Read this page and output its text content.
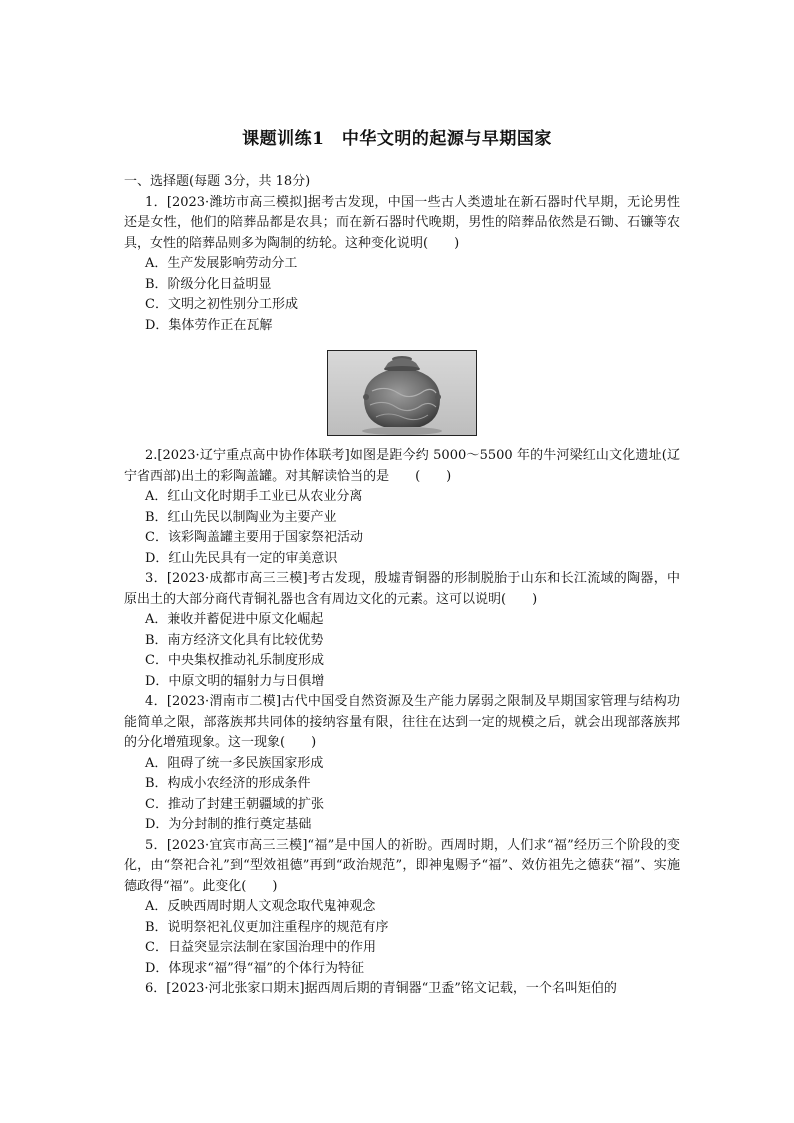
课题训练1　中华文明的起源与早期国家

一、选择题(每题 3分，共 18分)

1．[2023·潍坊市高三模拟]据考古发现，中国一些古人类遗址在新石器时代早期，无论男性还是女性，他们的陪葬品都是农具；而在新石器时代晚期，男性的陪葬品依然是石锄、石镰等农具，女性的陪葬品则多为陶制的纺轮。这种变化说明(　　)

A．生产发展影响劳动分工

B．阶级分化日益明显

C．文明之初性别分工形成

D．集体劳作正在瓦解

2.[2023·辽宁重点高中协作体联考]如图是距今约 5000～5500 年的牛河梁红山文化遗址(辽宁省西部)出土的彩陶盖罐。对其解读恰当的是　　(　　)

A．红山文化时期手工业已从农业分离

B．红山先民以制陶业为主要产业

C．该彩陶盖罐主要用于国家祭祀活动

D．红山先民具有一定的审美意识

3．[2023·成都市高三三模]考古发现，殷墟青铜器的形制脱胎于山东和长江流域的陶器，中原出土的大部分商代青铜礼器也含有周边文化的元素。这可以说明(　　)

A．兼收并蓄促进中原文化崛起

B．南方经济文化具有比较优势

C．中央集权推动礼乐制度形成

D．中原文明的辐射力与日俱增

4．[2023·渭南市二模]古代中国受自然资源及生产能力孱弱之限制及早期国家管理与结构功能简单之限，部落族邦共同体的接纳容量有限，往往在达到一定的规模之后，就会出现部落族邦的分化增殖现象。这一现象(　　)

A．阻碍了统一多民族国家形成

B．构成小农经济的形成条件

C．推动了封建王朝疆域的扩张

D．为分封制的推行奠定基础

5．[2023·宜宾市高三三模]“福”是中国人的祈盼。西周时期，人们求“福”经历三个阶段的变化，由“祭祀合礼”到“型效祖德”再到“政治规范”，即神鬼赐予“福”、效仿祖先之德获“福”、实施德政得“福”。此变化(　　)

A．反映西周时期人文观念取代鬼神观念

B．说明祭祀礼仪更加注重程序的规范有序

C．日益突显宗法制在家国治理中的作用

D．体现求“福”得“福”的个体行为特征

6．[2023·河北张家口期末]据西周后期的青铜器“卫盉”铭文记载，一个名叫矩伯的
